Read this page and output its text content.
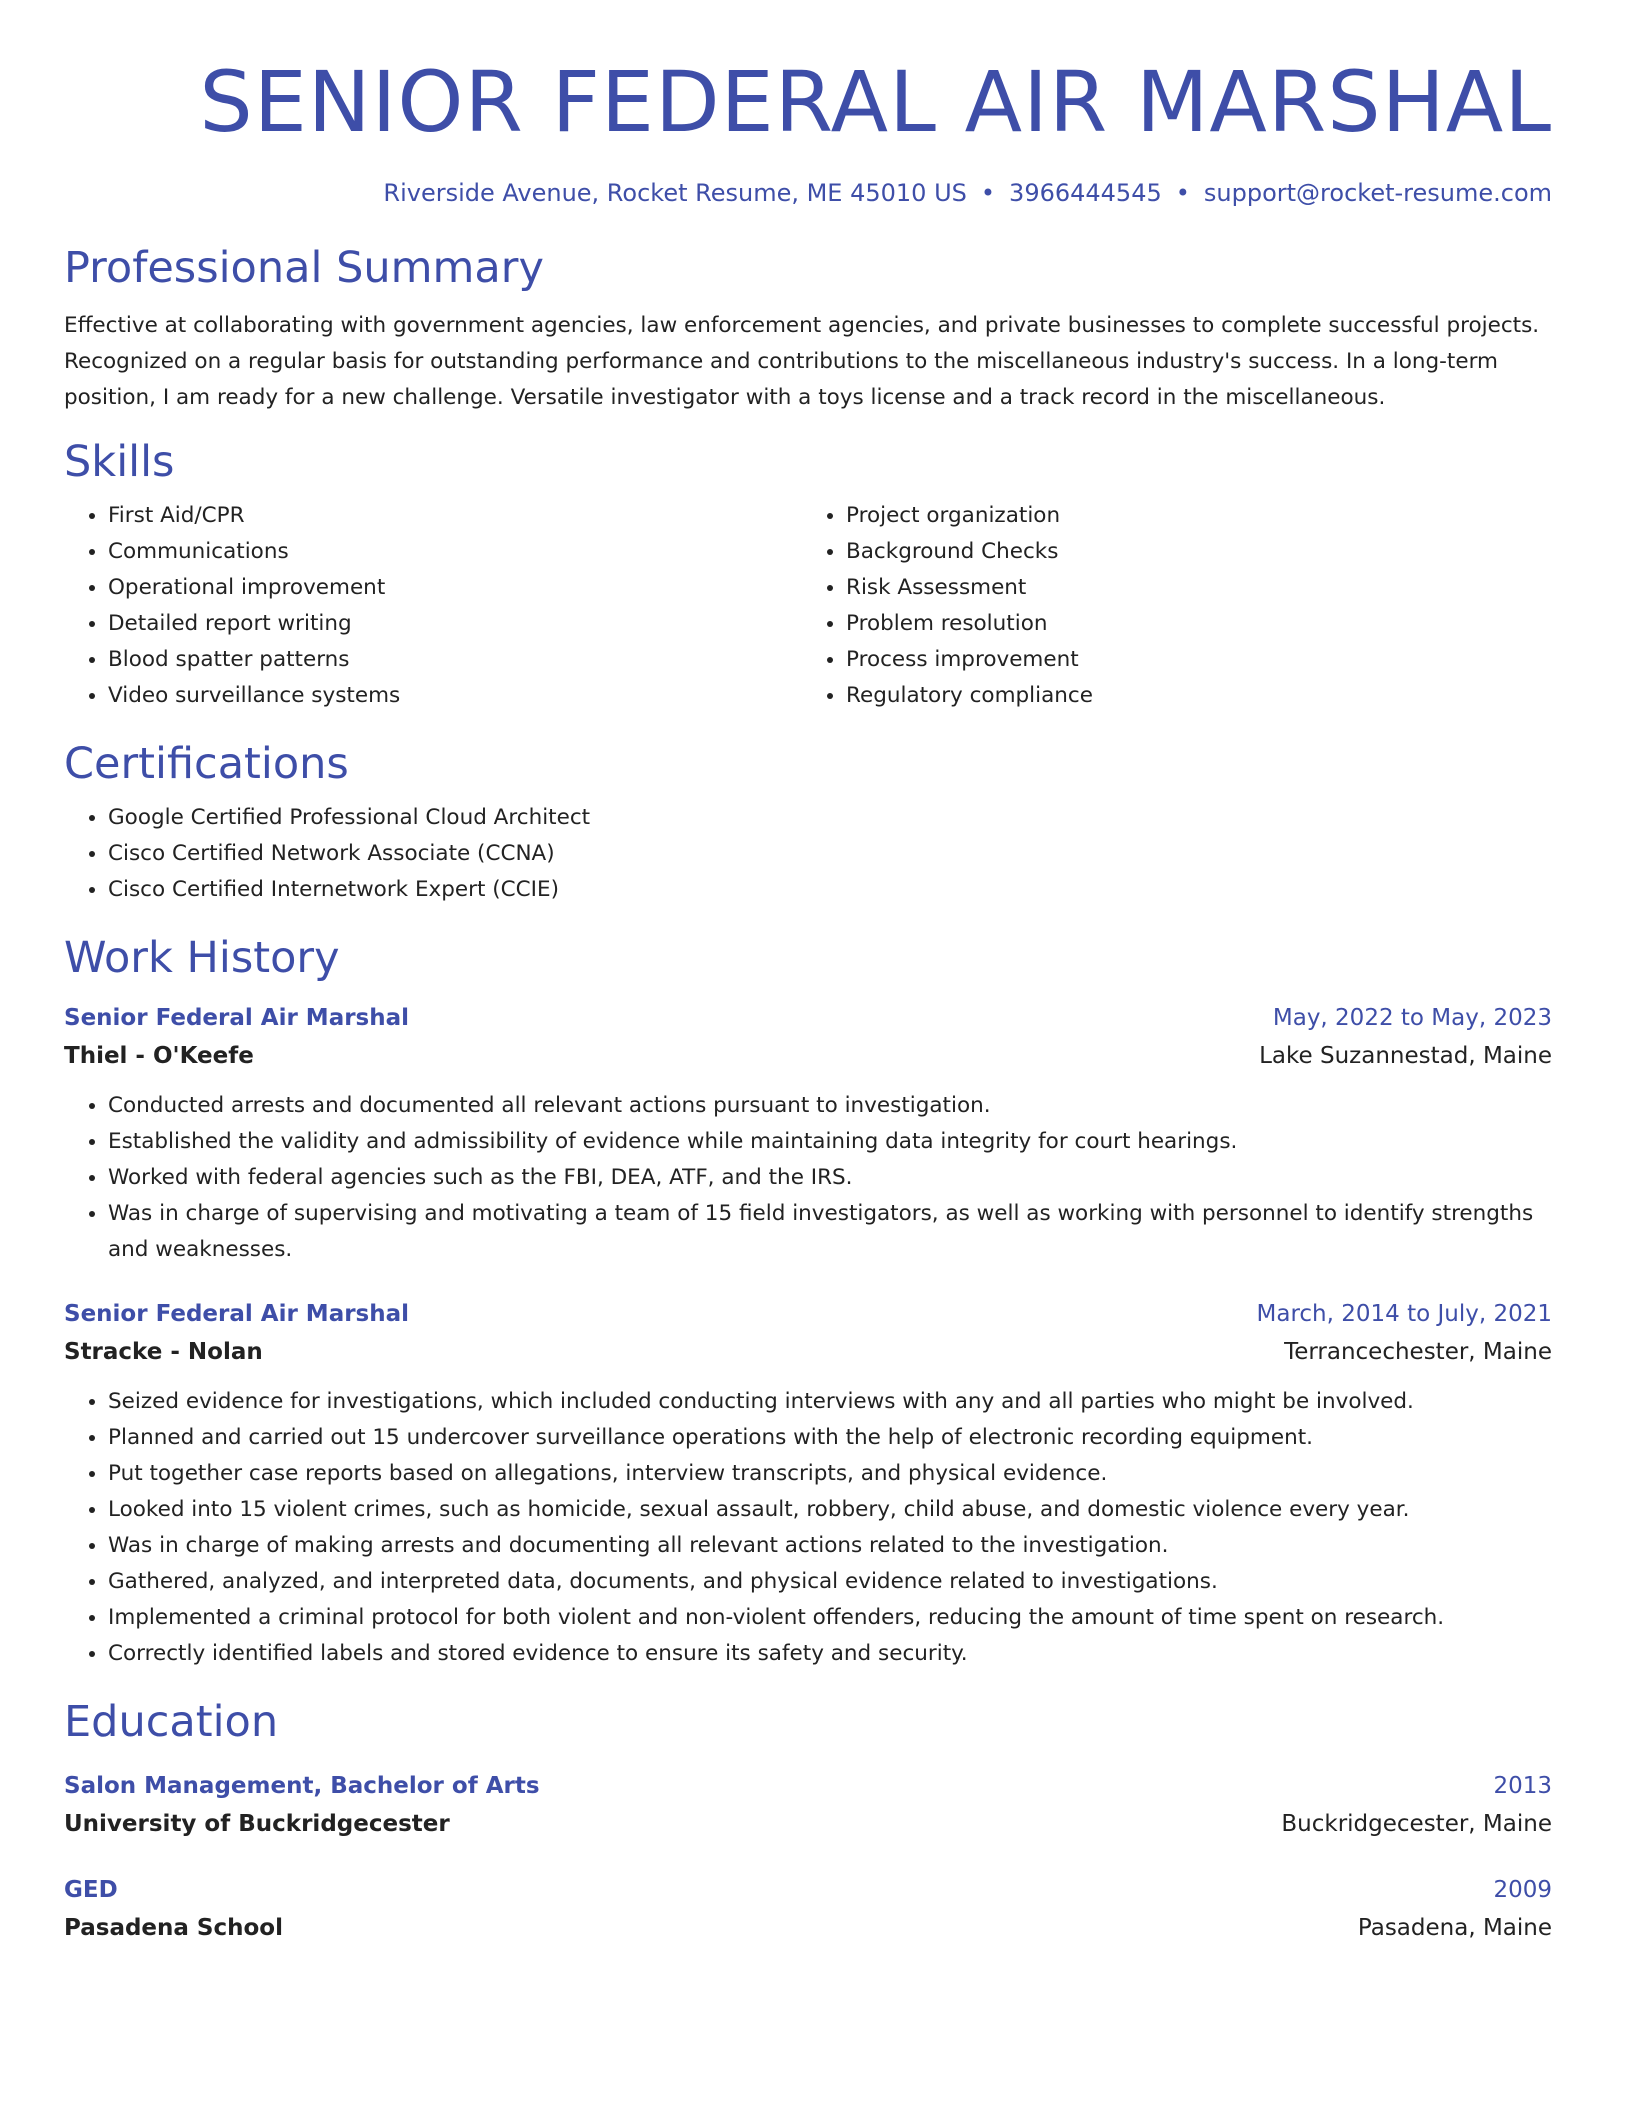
SENIOR FEDERAL AIR MARSHAL
Riverside Avenue, Rocket Resume, ME 45010 US • 3966444545 • support@rocket-resume.com
Professional Summary
Effective at collaborating with government agencies, law enforcement agencies, and private businesses to complete successful projects. Recognized on a regular basis for outstanding performance and contributions to the miscellaneous industry's success. In a long-term position, I am ready for a new challenge. Versatile investigator with a toys license and a track record in the miscellaneous.
Skills
• First Aid/CPR
• Communications
• Operational improvement
• Detailed report writing
• Blood spatter patterns
• Video surveillance systems
• Project organization
• Background Checks
• Risk Assessment
• Problem resolution
• Process improvement
• Regulatory compliance
Certifications
• Google Certified Professional Cloud Architect
• Cisco Certified Network Associate (CCNA)
• Cisco Certified Internetwork Expert (CCIE)
Work History
Senior Federal Air Marshal	May, 2022 to May, 2023
Thiel - O'Keefe	Lake Suzannestad, Maine
• Conducted arrests and documented all relevant actions pursuant to investigation.
• Established the validity and admissibility of evidence while maintaining data integrity for court hearings.
• Worked with federal agencies such as the FBI, DEA, ATF, and the IRS.
• Was in charge of supervising and motivating a team of 15 field investigators, as well as working with personnel to identify strengths and weaknesses.
Senior Federal Air Marshal	March, 2014 to July, 2021
Stracke - Nolan	Terrancechester, Maine
• Seized evidence for investigations, which included conducting interviews with any and all parties who might be involved.
• Planned and carried out 15 undercover surveillance operations with the help of electronic recording equipment.
• Put together case reports based on allegations, interview transcripts, and physical evidence.
• Looked into 15 violent crimes, such as homicide, sexual assault, robbery, child abuse, and domestic violence every year.
• Was in charge of making arrests and documenting all relevant actions related to the investigation.
• Gathered, analyzed, and interpreted data, documents, and physical evidence related to investigations.
• Implemented a criminal protocol for both violent and non-violent offenders, reducing the amount of time spent on research.
• Correctly identified labels and stored evidence to ensure its safety and security.
Education
Salon Management, Bachelor of Arts	2013
University of Buckridgecester	Buckridgecester, Maine
GED	2009
Pasadena School	Pasadena, Maine
